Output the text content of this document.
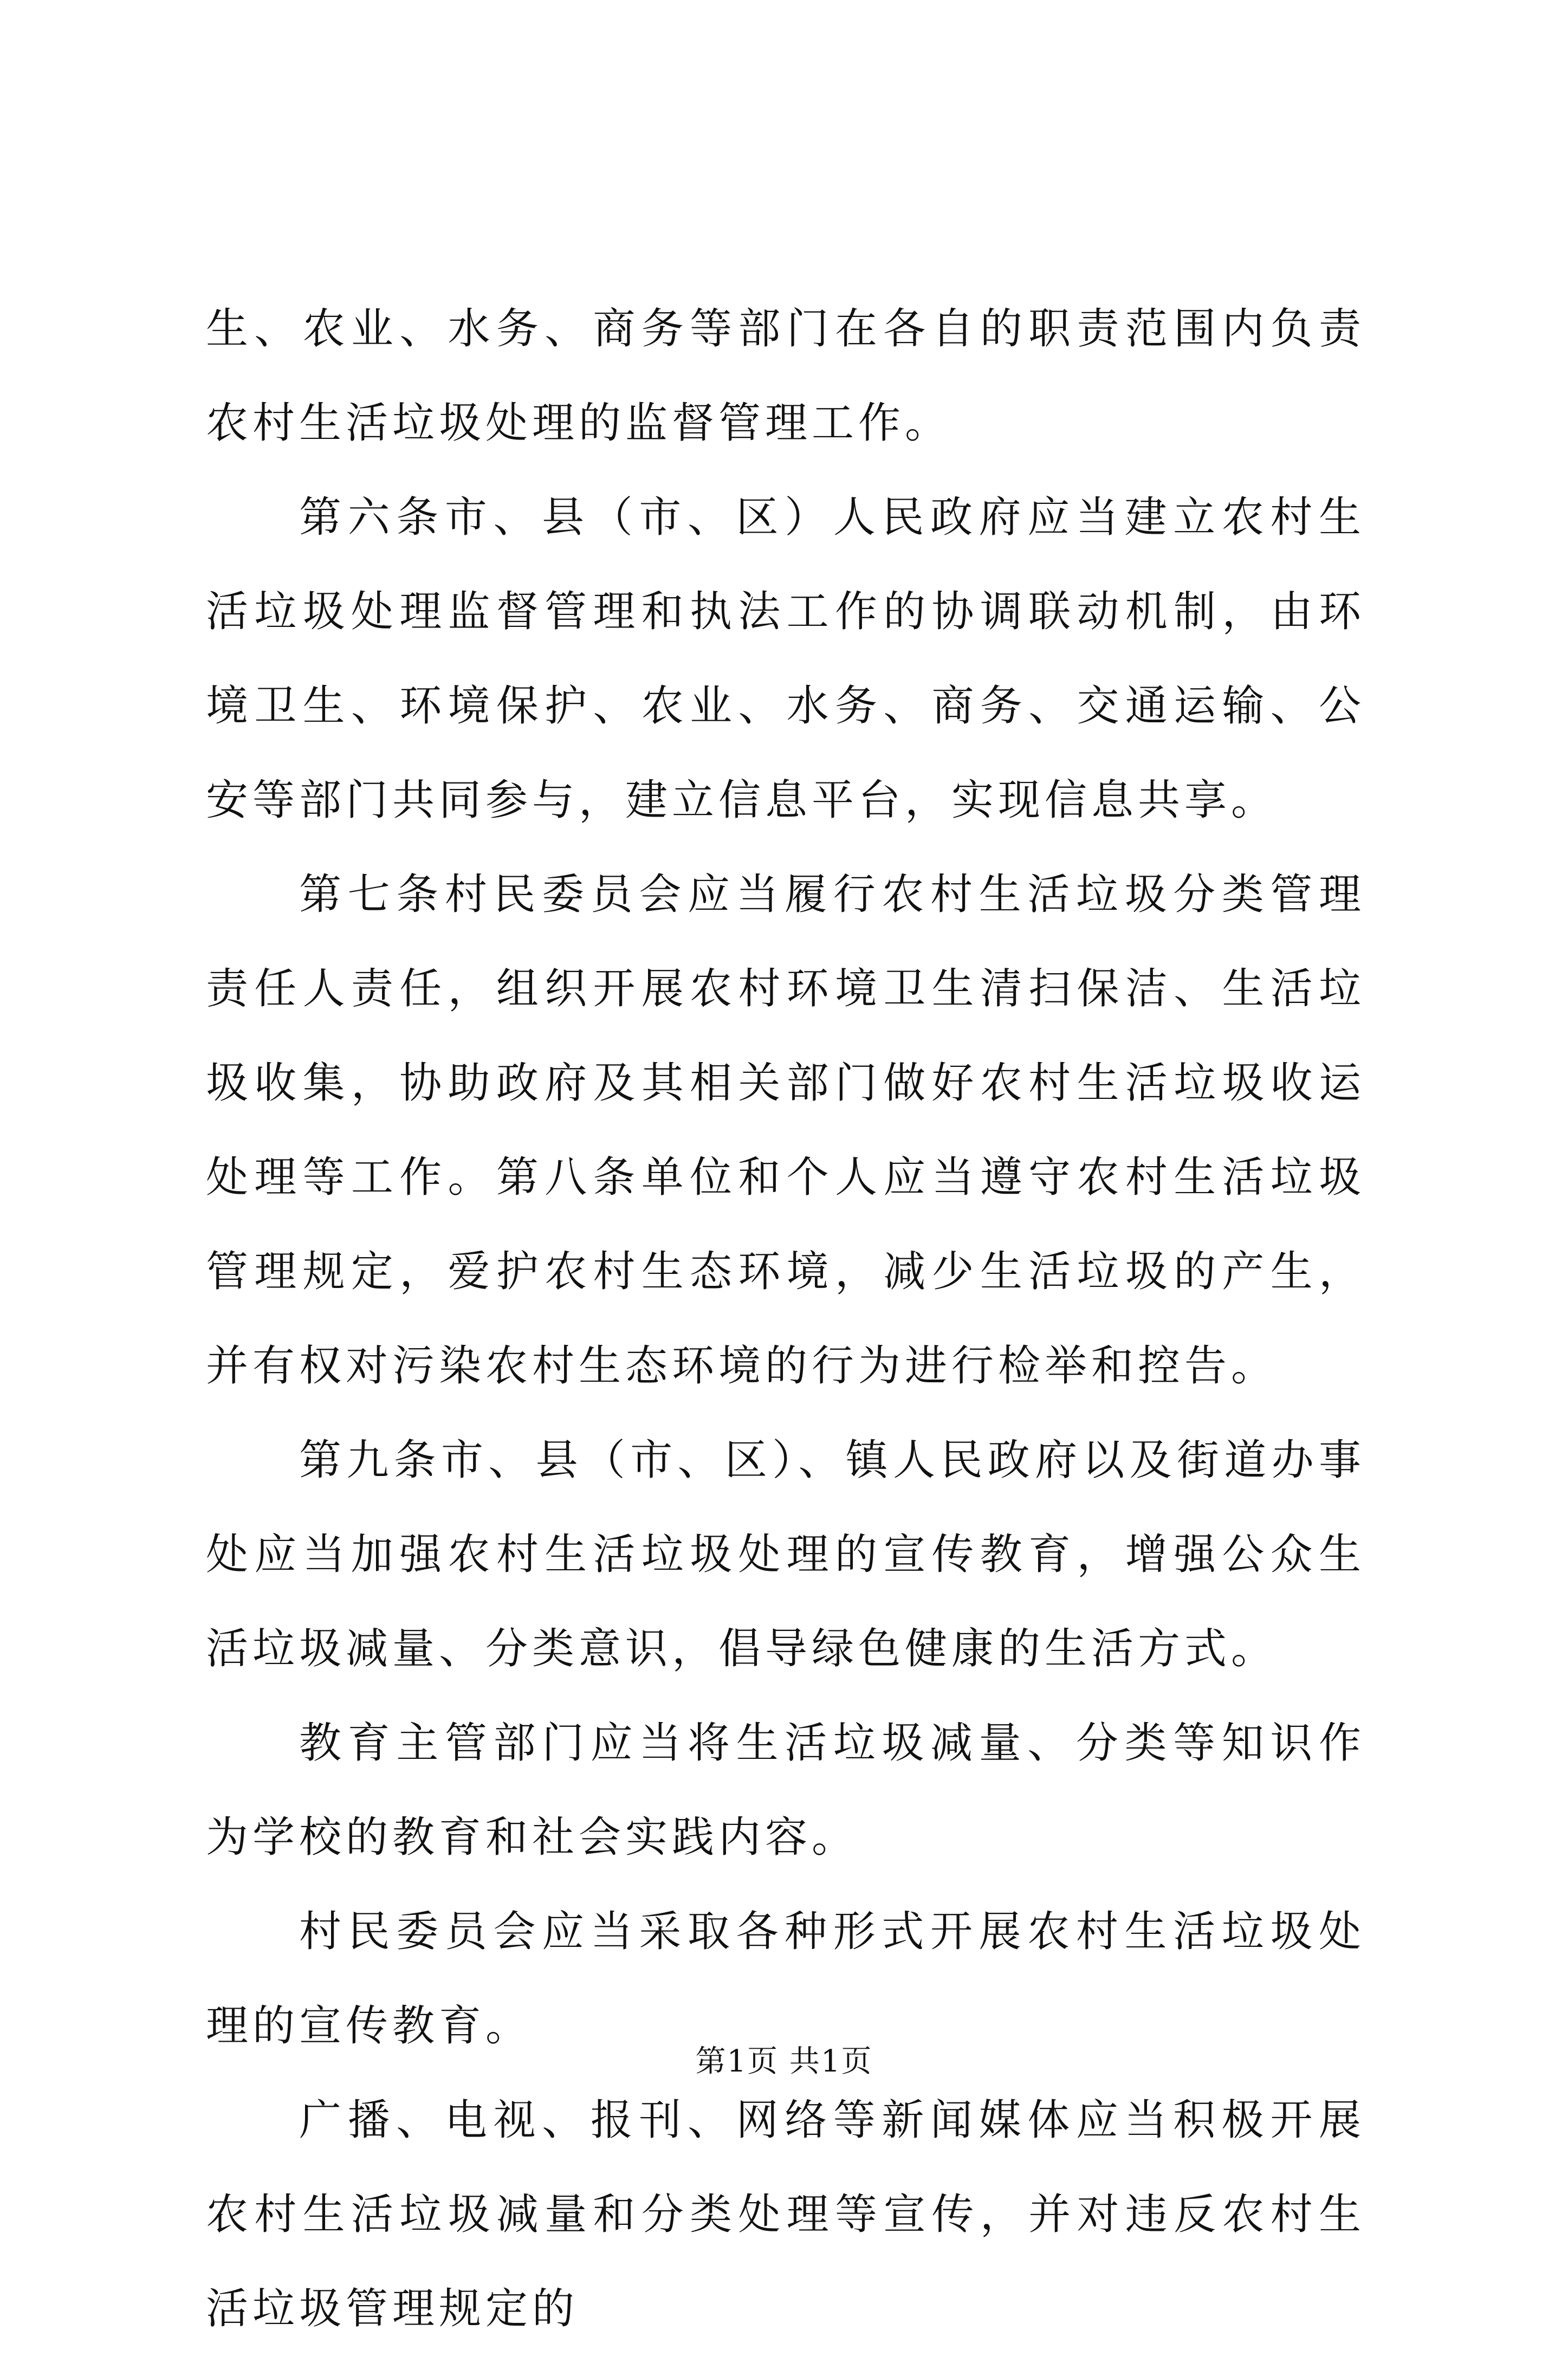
生、农业、水务、商务等部门在各自的职责范围内负责农村生活垃圾处理的监督管理工作。

第六条市、县（市、区）人民政府应当建立农村生活垃圾处理监督管理和执法工作的协调联动机制，由环境卫生、环境保护、农业、水务、商务、交通运输、公安等部门共同参与，建立信息平台，实现信息共享。

第七条村民委员会应当履行农村生活垃圾分类管理责任人责任，组织开展农村环境卫生清扫保洁、生活垃圾收集，协助政府及其相关部门做好农村生活垃圾收运处理等工作。第八条单位和个人应当遵守农村生活垃圾管理规定，爱护农村生态环境，减少生活垃圾的产生，并有权对污染农村生态环境的行为进行检举和控告。

第九条市、县（市、区）、镇人民政府以及街道办事处应当加强农村生活垃圾处理的宣传教育，增强公众生活垃圾减量、分类意识，倡导绿色健康的生活方式。

教育主管部门应当将生活垃圾减量、分类等知识作为学校的教育和社会实践内容。

村民委员会应当采取各种形式开展农村生活垃圾处理的宣传教育。

广播、电视、报刊、网络等新闻媒体应当积极开展农村生活垃圾减量和分类处理等宣传，并对违反农村生活垃圾管理规定的

第1页 共1页
